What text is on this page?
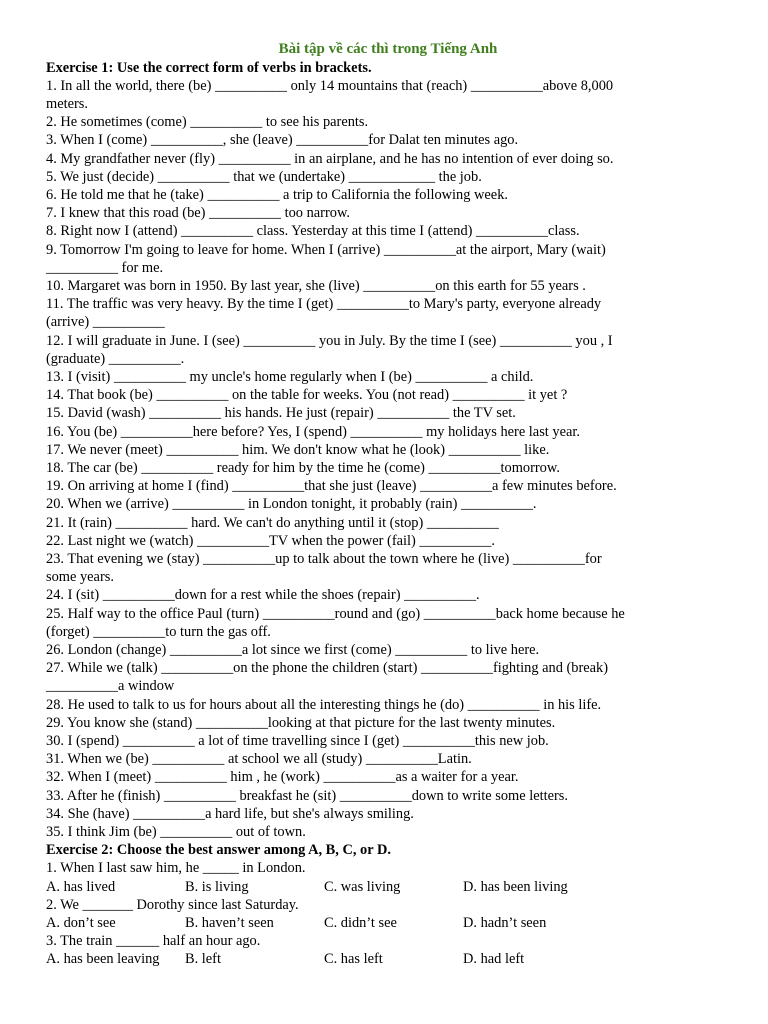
Bài tập về các thì trong Tiếng Anh
Exercise 1: Use the correct form of verbs in brackets.
1. In all the world, there (be) __________ only 14 mountains that (reach) __________above 8,000
meters.
2. He sometimes (come) __________ to see his parents.
3. When I (come) __________, she (leave) __________for Dalat ten minutes ago.
4. My grandfather never (fly) __________ in an airplane, and he has no intention of ever doing so.
5. We just (decide) __________ that we (undertake) ____________ the job.
6. He told me that he (take) __________ a trip to California the following week.
7. I knew that this road (be) __________ too narrow.
8. Right now I (attend) __________ class. Yesterday at this time I (attend) __________class.
9. Tomorrow I'm going to leave for home. When I (arrive) __________at the airport, Mary (wait)
__________ for me.
10. Margaret was born in 1950. By last year, she (live) __________on this earth for 55 years .
11. The traffic was very heavy. By the time I (get) __________to Mary's party, everyone already
(arrive) __________
12. I will graduate in June. I (see) __________ you in July. By the time I (see) __________ you , I
(graduate) __________.
13. I (visit) __________ my uncle's home regularly when I (be) __________ a child.
14. That book (be) __________ on the table for weeks. You (not read) __________ it yet ?
15. David (wash) __________ his hands. He just (repair) __________ the TV set.
16. You (be) __________here before? Yes, I (spend) __________ my holidays here last year.
17. We never (meet) __________ him. We don't know what he (look) __________ like.
18. The car (be) __________ ready for him by the time he (come) __________tomorrow.
19. On arriving at home I (find) __________that she just (leave) __________a few minutes before.
20. When we (arrive) __________ in London tonight, it probably (rain) __________.
21. It (rain) __________ hard. We can't do anything until it (stop) __________
22. Last night we (watch) __________TV when the power (fail) __________.
23. That evening we (stay) __________up to talk about the town where he (live) __________for
some years.
24. I (sit) __________down for a rest while the shoes (repair) __________.
25. Half way to the office Paul (turn) __________round and (go) __________back home because he
(forget) __________to turn the gas off.
26. London (change) __________a lot since we first (come) __________ to live here.
27. While we (talk) __________on the phone the children (start) __________fighting and (break)
__________a window
28. He used to talk to us for hours about all the interesting things he (do) __________ in his life.
29. You know she (stand) __________looking at that picture for the last twenty minutes.
30. I (spend) __________ a lot of time travelling since I (get) __________this new job.
31. When we (be) __________ at school we all (study) __________Latin.
32. When I (meet) __________ him , he (work) __________as a waiter for a year.
33. After he (finish) __________ breakfast he (sit) __________down to write some letters.
34. She (have) __________a hard life, but she's always smiling.
35. I think Jim (be) __________ out of town.
Exercise 2: Choose the best answer among A, B, C, or D.
1. When I last saw him, he _____ in London.
A. has lived	B. is living	C. was living	D. has been living
2. We _______ Dorothy since last Saturday.
A. don’t see	B. haven’t seen	C. didn’t see	D. hadn’t seen
3. The train ______ half an hour ago.
A. has been leaving	B. left	C. has left	D. had left
